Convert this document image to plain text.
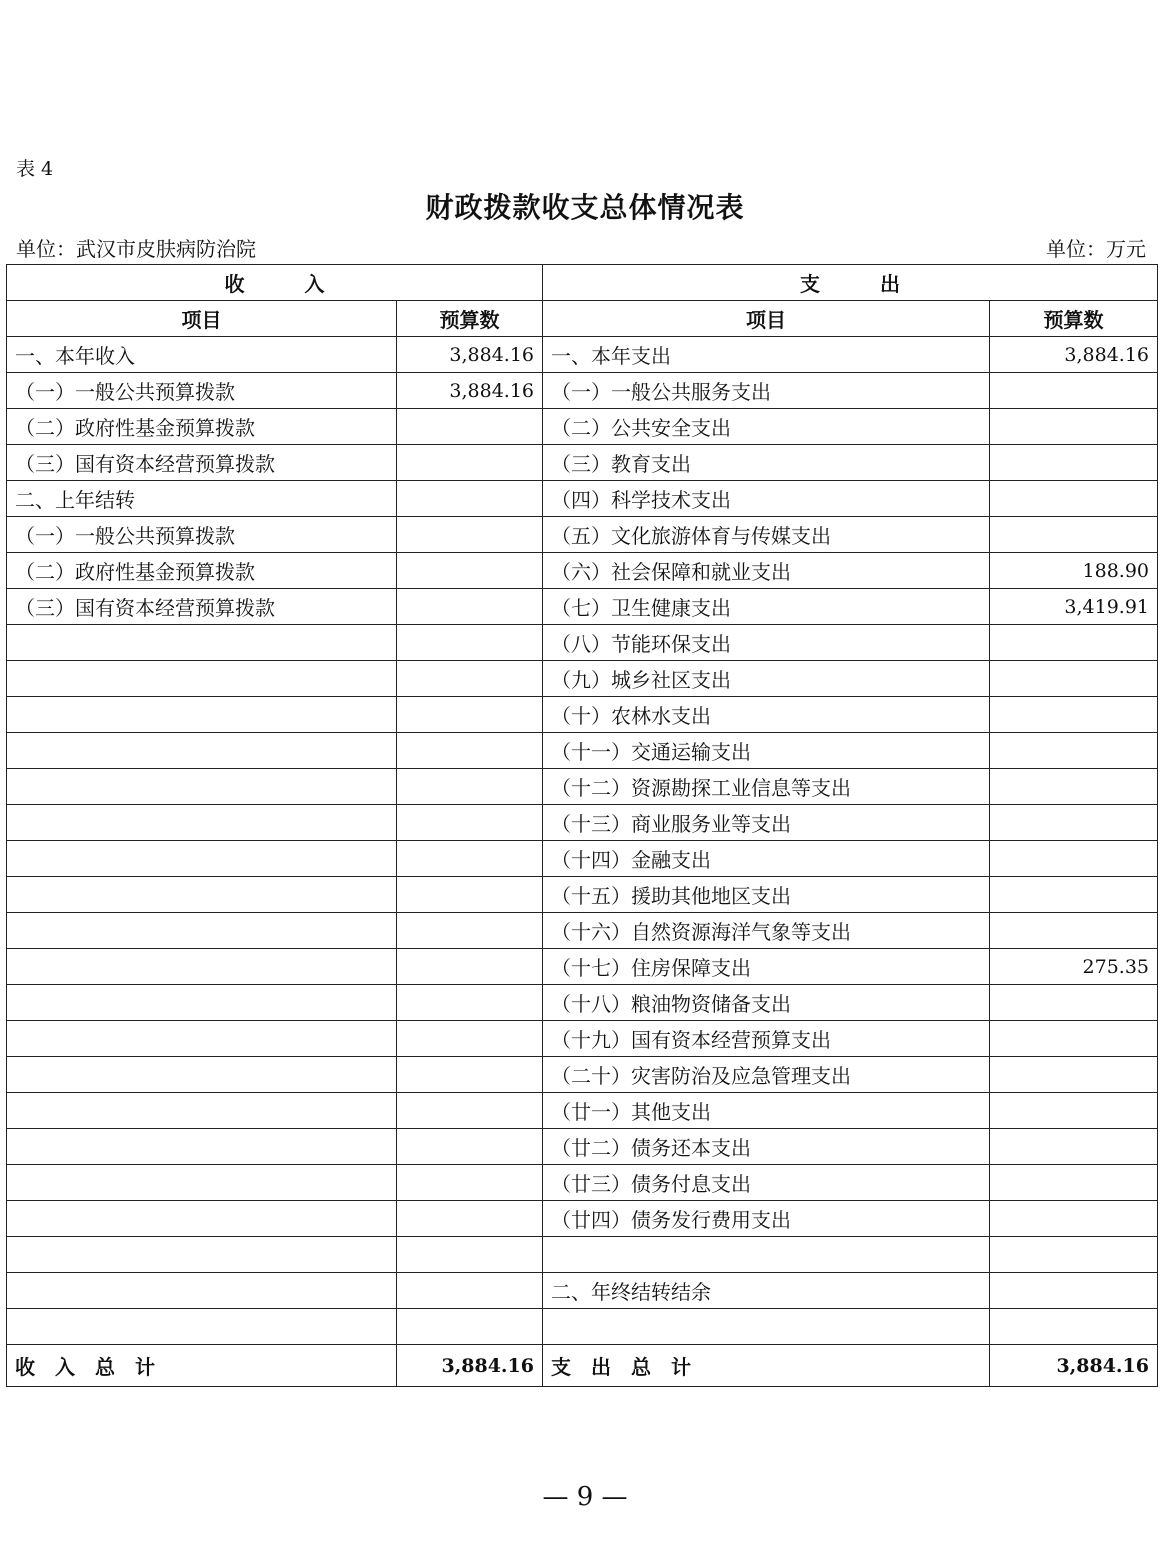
表 4
财政拨款收支总体情况表
单位：武汉市皮肤病防治院	单位：万元
收　　　入		支　　　出	
项目	预算数	项目	预算数
一、本年收入	3,884.16	一、本年支出	3,884.16
（一）一般公共预算拨款	3,884.16	（一）一般公共服务支出	
（二）政府性基金预算拨款		（二）公共安全支出	
（三）国有资本经营预算拨款		（三）教育支出	
二、上年结转		（四）科学技术支出	
（一）一般公共预算拨款		（五）文化旅游体育与传媒支出	
（二）政府性基金预算拨款		（六）社会保障和就业支出	188.90
（三）国有资本经营预算拨款		（七）卫生健康支出	3,419.91
		（八）节能环保支出	
		（九）城乡社区支出	
		（十）农林水支出	
		（十一）交通运输支出	
		（十二）资源勘探工业信息等支出	
		（十三）商业服务业等支出	
		（十四）金融支出	
		（十五）援助其他地区支出	
		（十六）自然资源海洋气象等支出	
		（十七）住房保障支出	275.35
		（十八）粮油物资储备支出	
		（十九）国有资本经营预算支出	
		（二十）灾害防治及应急管理支出	
		（廿一）其他支出	
		（廿二）债务还本支出	
		（廿三）债务付息支出	
		（廿四）债务发行费用支出	

		二、年终结转结余	

收　入　总　计	3,884.16	支　出　总　计	3,884.16
— 9 —
